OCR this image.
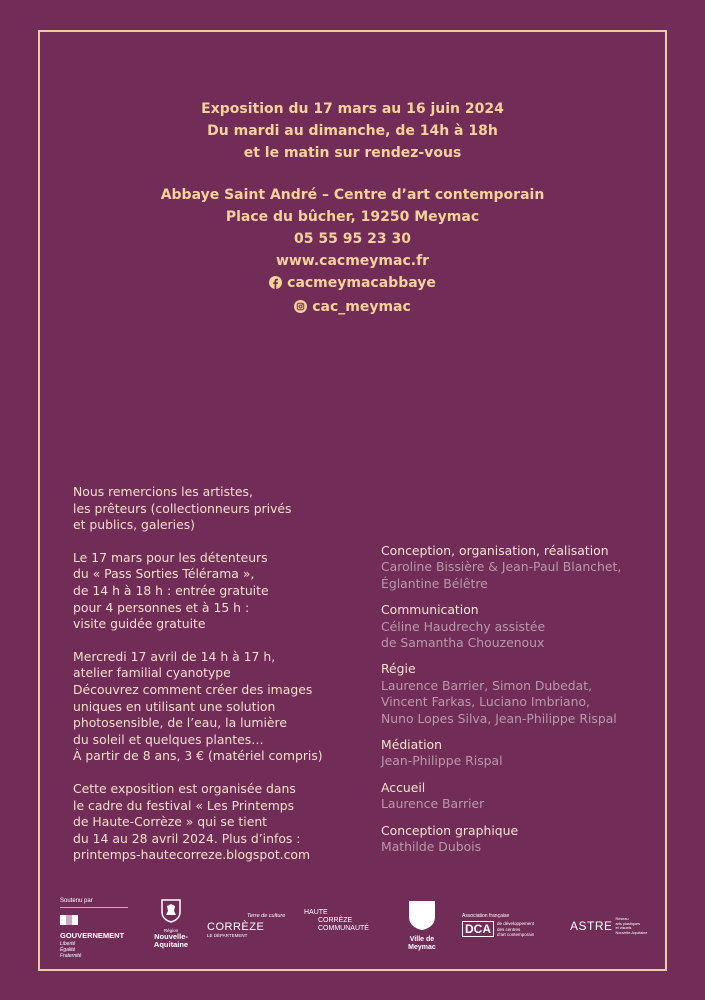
Exposition du 17 mars au 16 juin 2024
Du mardi au dimanche, de 14h à 18h
et le matin sur rendez-vous
Abbaye Saint André – Centre d’art contemporain
Place du bûcher, 19250 Meymac
05 55 95 23 30
www.cacmeymac.fr
cacmeymacabbaye
cac_meymac

Nous remercions les artistes,
les prêteurs (collectionneurs privés
et publics, galeries)

Le 17 mars pour les détenteurs
du « Pass Sorties Télérama »,
de 14 h à 18 h : entrée gratuite
pour 4 personnes et à 15 h :
visite guidée gratuite

Mercredi 17 avril de 14 h à 17 h,
atelier familial cyanotype
Découvrez comment créer des images
uniques en utilisant une solution
photosensible, de l’eau, la lumière
du soleil et quelques plantes…
À partir de 8 ans, 3 € (matériel compris)

Cette exposition est organisée dans
le cadre du festival « Les Printemps
de Haute-Corrèze » qui se tient
du 14 au 28 avril 2024. Plus d’infos :
printemps-hautecorreze.blogspot.com

Conception, organisation, réalisation
Caroline Bissière & Jean-Paul Blanchet,
Églantine Bélêtre
Communication
Céline Haudrechy assistée
de Samantha Chouzenoux
Régie
Laurence Barrier, Simon Dubedat,
Vincent Farkas, Luciano Imbriano,
Nuno Lopes Silva, Jean-Philippe Rispal
Médiation
Jean-Philippe Rispal
Accueil
Laurence Barrier
Conception graphique
Mathilde Dubois
Soutenu par
GOUVERNEMENT
Liberté
Égalité
Fraternité
Région
Nouvelle-
Aquitaine
Terre de culture
CORRÈZE
LE DÉPARTEMENT
HAUTE
CORRÈZE
COMMUNAUTÉ
Ville de
Meymac
Association française
DCA	de développement
des centres
d’art contemporain
ASTRE Réseau
arts plastiques
et visuels
Nouvelle-Aquitaine
